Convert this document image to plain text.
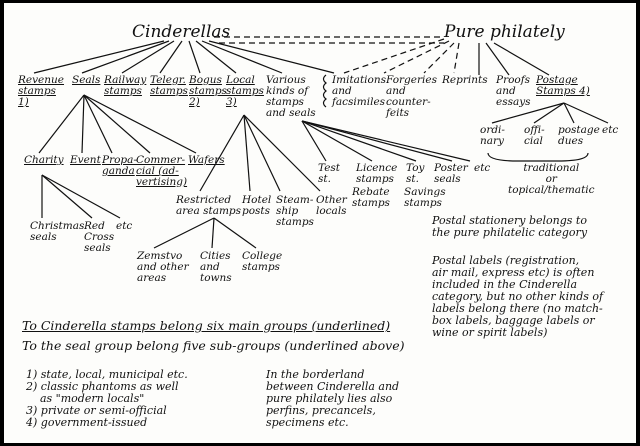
Cinderellas	Pure philately

Revenue
stamps
1)

Seals Railway
stamps

Telegr.
stamps

Bogus
stamps
2)

Local
stamps
3)

Various
kinds of
stamps
and seals

Imitations
and
facsimiles

Forgeries
and
counter-
feits

Reprints Proofs
and
essays

Postage
Stamps 4)

Charity Event Propa-
ganda

Commer-
cial (ad-
vertising)

Wafers

Christmas
seals

Red
Cross
seals

etc

Restricted
area stamps

Hotel
posts

Steam-
ship
stamps

Other
locals

Zemstvo
and other
areas

Cities
and
towns

College
stamps

Test
st.

Licence
stamps

Rebate
stamps

Toy
st.

Savings
stamps

Poster
seals

etc

ordi-
nary

offi-
cial

postage
dues

etc

traditional
or
topical/thematic

Postal stationery belongs to
the pure philatelic category

Postal labels (registration,
air mail, express etc) is often
included in the Cinderella
category, but no other kinds of
labels belong there (no match-
box labels, baggage labels or
wine or spirit labels)

To Cinderella stamps belong six main groups (underlined)

To the seal group belong five sub-groups (underlined above)

1) state, local, municipal etc.
2) classic phantoms as well
as "modern locals"
3) private or semi-official
4) government-issued

In the borderland
between Cinderella and
pure philately lies also
perfins, precancels,
specimens etc.
